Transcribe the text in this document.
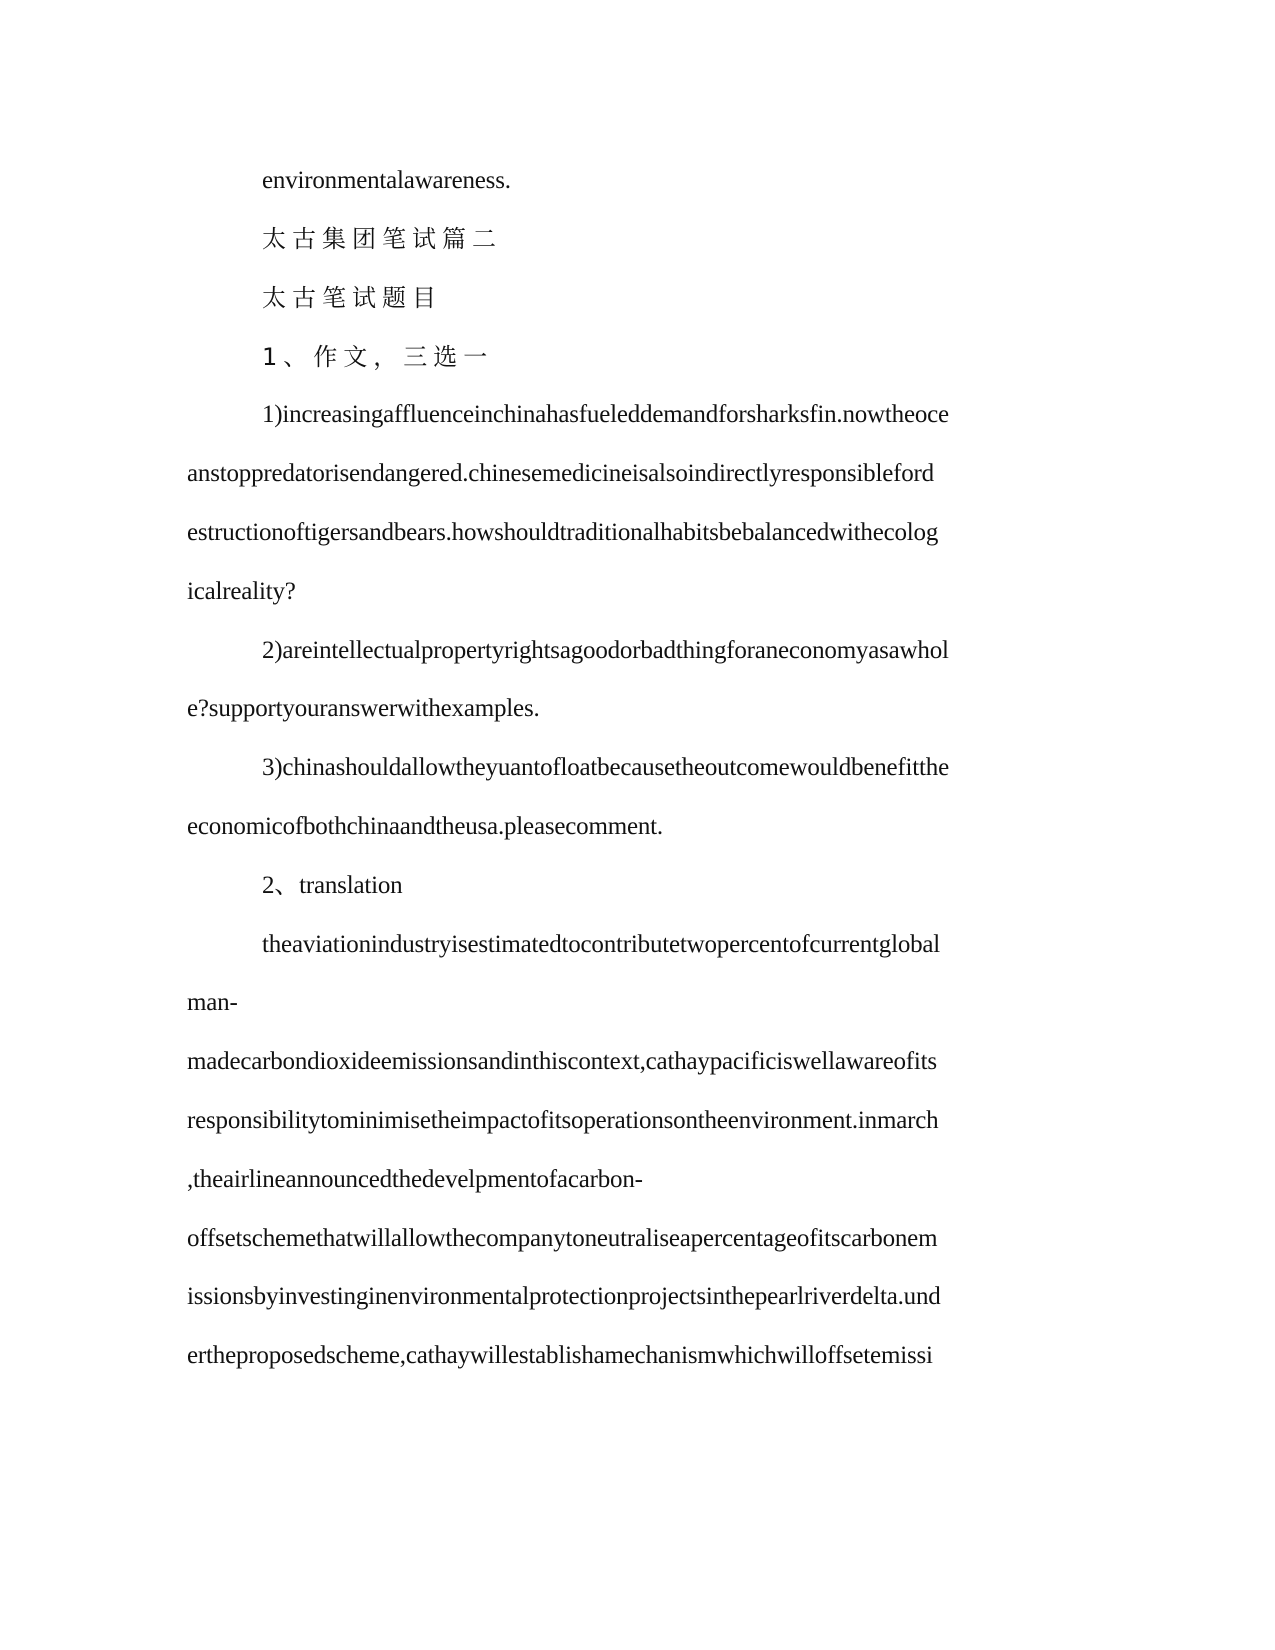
environmentalawareness.
太古集团笔试篇二
太古笔试题目
1、作文，三选一
1)increasingaffluenceinchinahasfueleddemandforsharksfin.nowtheoce
anstoppredatorisendangered.chinesemedicineisalsoindirectlyresponsibleford
estructionoftigersandbears.howshouldtraditionalhabitsbebalancedwithecolog
icalreality?
2)areintellectualpropertyrightsagoodorbadthingforaneconomyasawhol
e?supportyouranswerwithexamples.
3)chinashouldallowtheyuantofloatbecausetheoutcomewouldbenefitthe
economicofbothchinaandtheusa.pleasecomment.
2、translation
theaviationindustryisestimatedtocontributetwopercentofcurrentglobal
man-
madecarbondioxideemissionsandinthiscontext,cathaypacificiswellawareofits
responsibilitytominimisetheimpactofitsoperationsontheenvironment.inmarch
,theairlineannouncedthedevelpmentofacarbon-
offsetschemethatwillallowthecompanytoneutraliseapercentageofitscarbonem
issionsbyinvestinginenvironmentalprotectionprojectsinthepearlriverdelta.und
ertheproposedscheme,cathaywillestablishamechanismwhichwilloffsetemissi
